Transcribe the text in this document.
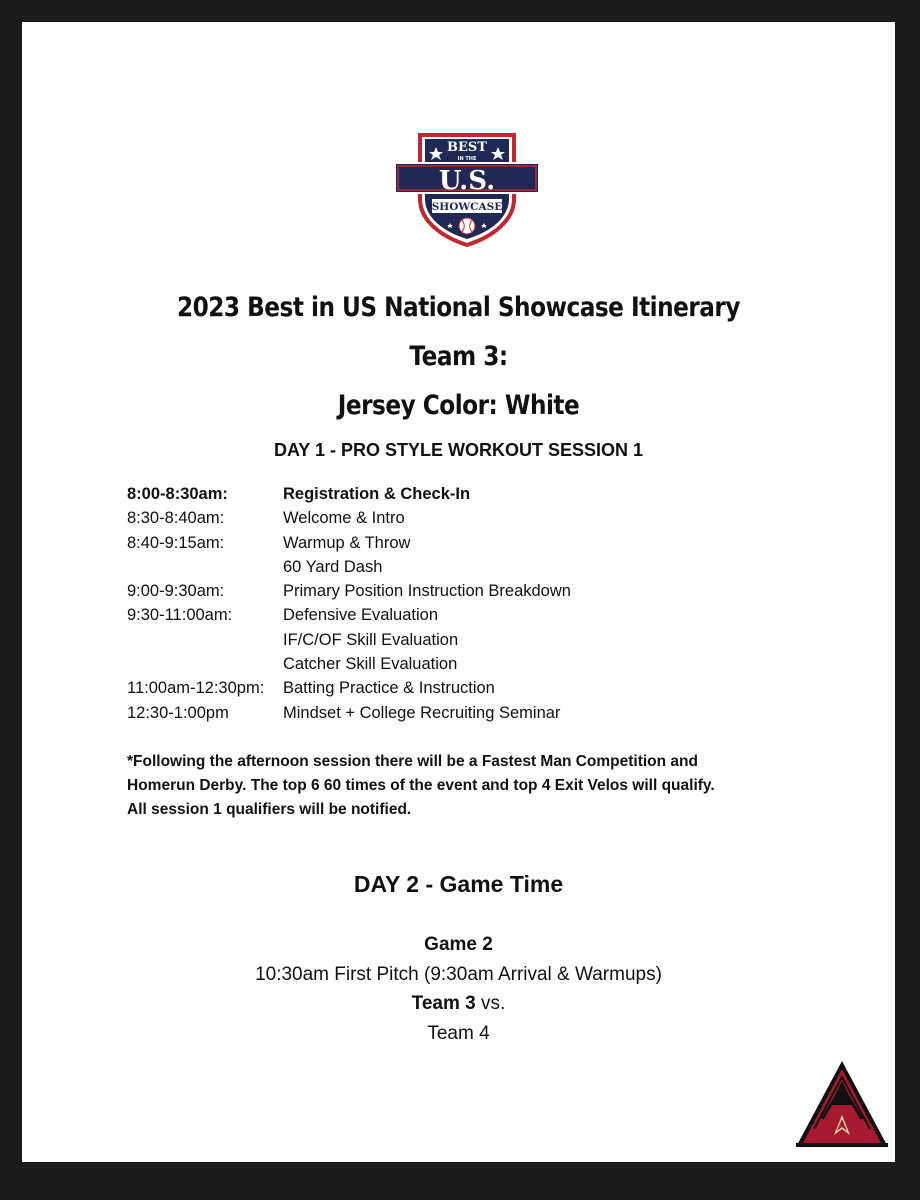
BEST
IN THE
U.S.
SHOWCASE
2023 Best in US National Showcase Itinerary
Team 3:
Jersey Color: White
DAY 1 - PRO STYLE WORKOUT SESSION 1
8:00-8:30am:	Registration & Check-In
8:30-8:40am:	Welcome & Intro
8:40-9:15am:	Warmup & Throw
60 Yard Dash
9:00-9:30am:	Primary Position Instruction Breakdown
9:30-11:00am:	Defensive Evaluation
IF/C/OF Skill Evaluation
Catcher Skill Evaluation
11:00am-12:30pm: Batting Practice & Instruction
12:30-1:00pm	Mindset + College Recruiting Seminar
*Following the afternoon session there will be a Fastest Man Competition and
Homerun Derby. The top 6 60 times of the event and top 4 Exit Velos will qualify.
All session 1 qualifiers will be notified.
DAY 2 - Game Time
Game 2
10:30am First Pitch (9:30am Arrival & Warmups)
Team 3 vs.
Team 4
